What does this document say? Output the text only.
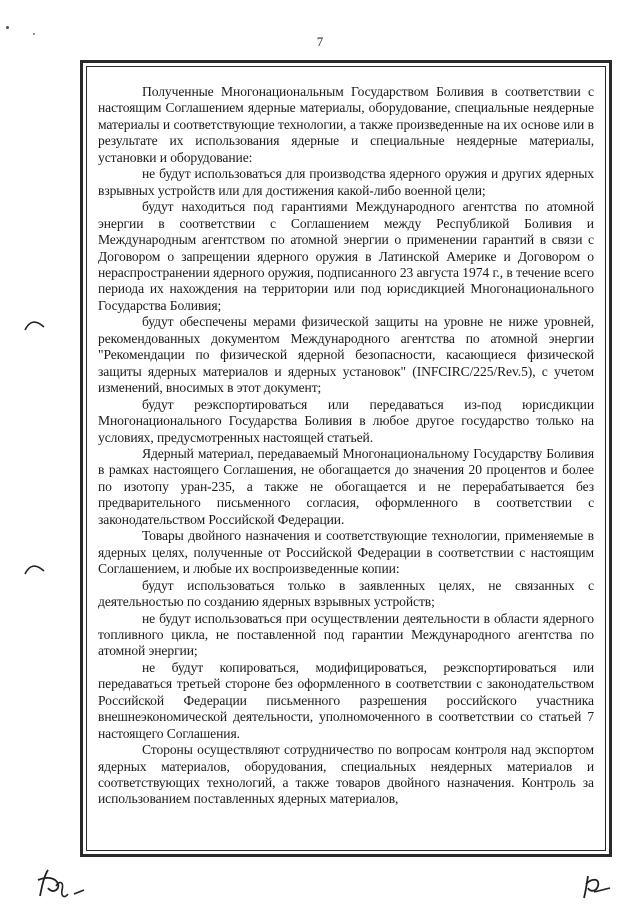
7

Полученные Многонациональным Государством Боливия в соответствии с настоящим Соглашением ядерные материалы, оборудование, специальные неядерные материалы и соответствующие технологии, а также произведенные на их основе или в результате их использования ядерные и специальные неядерные материалы, установки и оборудование:

не будут использоваться для производства ядерного оружия и других ядерных взрывных устройств или для достижения какой-либо военной цели;

будут находиться под гарантиями Международного агентства по атомной энергии в соответствии с Соглашением между Республикой Боливия и Международным агентством по атомной энергии о применении гарантий в связи с Договором о запрещении ядерного оружия в Латинской Америке и Договором о нераспространении ядерного оружия, подписанного 23 августа 1974 г., в течение всего периода их нахождения на территории или под юрисдикцией Многонационального Государства Боливия;

будут обеспечены мерами физической защиты на уровне не ниже уровней, рекомендованных документом Международного агентства по атомной энергии "Рекомендации по физической ядерной безопасности, касающиеся физической защиты ядерных материалов и ядерных установок" (INFCIRC/225/Rev.5), с учетом изменений, вносимых в этот документ;

будут реэкспортироваться или передаваться из-под юрисдикции Многонационального Государства Боливия в любое другое государство только на условиях, предусмотренных настоящей статьей.

Ядерный материал, передаваемый Многонациональному Государству Боливия в рамках настоящего Соглашения, не обогащается до значения 20 процентов и более по изотопу уран-235, а также не обогащается и не перерабатывается без предварительного письменного согласия, оформленного в соответствии с законодательством Российской Федерации.

Товары двойного назначения и соответствующие технологии, применяемые в ядерных целях, полученные от Российской Федерации в соответствии с настоящим Соглашением, и любые их воспроизведенные копии:

будут использоваться только в заявленных целях, не связанных с деятельностью по созданию ядерных взрывных устройств;

не будут использоваться при осуществлении деятельности в области ядерного топливного цикла, не поставленной под гарантии Международного агентства по атомной энергии;

не будут копироваться, модифицироваться, реэкспортироваться или передаваться третьей стороне без оформленного в соответствии с законодательством Российской Федерации письменного разрешения российского участника внешнеэкономической деятельности, уполномоченного в соответствии со статьей 7 настоящего Соглашения.

Стороны осуществляют сотрудничество по вопросам контроля над экспортом ядерных материалов, оборудования, специальных неядерных материалов и соответствующих технологий, а также товаров двойного назначения. Контроль за использованием поставленных ядерных материалов,
